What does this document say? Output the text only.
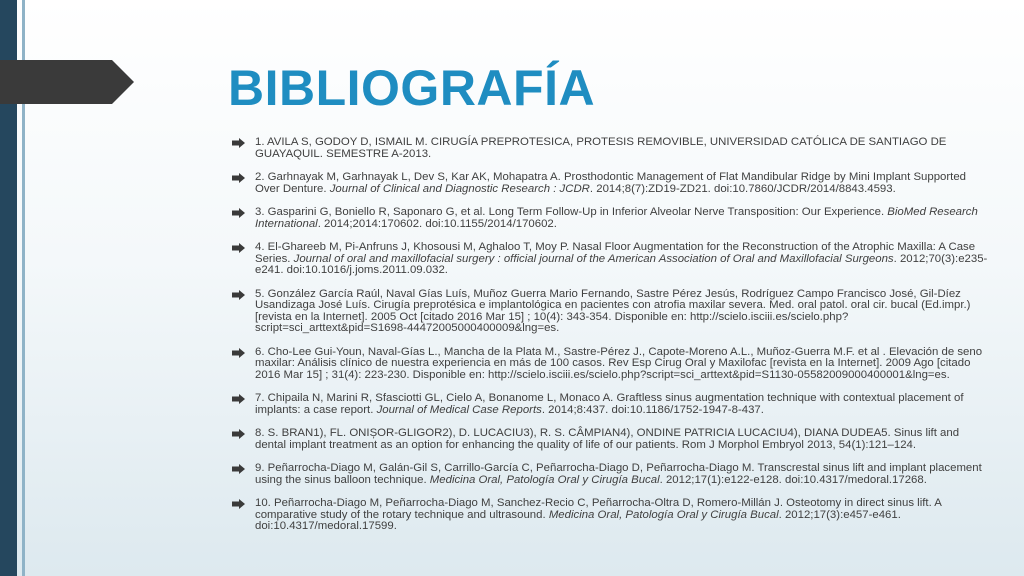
BIBLIOGRAFÍA
1. AVILA S, GODOY D, ISMAIL M. CIRUGÍA PREPROTESICA, PROTESIS REMOVIBLE, UNIVERSIDAD CATÓLICA DE SANTIAGO DE GUAYAQUIL. SEMESTRE A-2013.
2. Garhnayak M, Garhnayak L, Dev S, Kar AK, Mohapatra A. Prosthodontic Management of Flat Mandibular Ridge by Mini Implant Supported Over Denture. Journal of Clinical and Diagnostic Research : JCDR. 2014;8(7):ZD19-ZD21. doi:10.7860/JCDR/2014/8843.4593.
3. Gasparini G, Boniello R, Saponaro G, et al. Long Term Follow-Up in Inferior Alveolar Nerve Transposition: Our Experience. BioMed Research International. 2014;2014:170602. doi:10.1155/2014/170602.
4. El-Ghareeb M, Pi-Anfruns J, Khosousi M, Aghaloo T, Moy P. Nasal Floor Augmentation for the Reconstruction of the Atrophic Maxilla: A Case Series. Journal of oral and maxillofacial surgery : official journal of the American Association of Oral and Maxillofacial Surgeons. 2012;70(3):e235-e241. doi:10.1016/j.joms.2011.09.032.
5. González García Raúl, Naval Gías Luís, Muñoz Guerra Mario Fernando, Sastre Pérez Jesús, Rodríguez Campo Francisco José, Gil-Díez Usandizaga José Luís. Cirugía preprotésica e implantológica en pacientes con atrofia maxilar severa. Med. oral patol. oral cir. bucal (Ed.impr.) [revista en la Internet]. 2005 Oct [citado 2016 Mar 15] ; 10(4): 343-354. Disponible en: http://scielo.isciii.es/scielo.php?script=sci_arttext&pid=S1698-44472005000400009&lng=es.
6. Cho-Lee Gui-Youn, Naval-Gías L., Mancha de la Plata M., Sastre-Pérez J., Capote-Moreno A.L., Muñoz-Guerra M.F. et al . Elevación de seno maxilar: Análisis clínico de nuestra experiencia en más de 100 casos. Rev Esp Cirug Oral y Maxilofac [revista en la Internet]. 2009 Ago [citado 2016 Mar 15] ; 31(4): 223-230. Disponible en: http://scielo.isciii.es/scielo.php?script=sci_arttext&pid=S1130-05582009000400001&lng=es.
7. Chipaila N, Marini R, Sfasciotti GL, Cielo A, Bonanome L, Monaco A. Graftless sinus augmentation technique with contextual placement of implants: a case report. Journal of Medical Case Reports. 2014;8:437. doi:10.1186/1752-1947-8-437.
8. S. BRAN1), FL. ONIȘOR-GLIGOR2), D. LUCACIU3), R. S. CÂMPIAN4), ONDINE PATRICIA LUCACIU4), DIANA DUDEA5. Sinus lift and dental implant treatment as an option for enhancing the quality of life of our patients. Rom J Morphol Embryol 2013, 54(1):121–124.
9. Peñarrocha-Diago M, Galán-Gil S, Carrillo-García C, Peñarrocha-Diago D, Peñarrocha-Diago M. Transcrestal sinus lift and implant placement using the sinus balloon technique. Medicina Oral, Patología Oral y Cirugía Bucal. 2012;17(1):e122-e128. doi:10.4317/medoral.17268.
10. Peñarrocha-Diago M, Peñarrocha-Diago M, Sanchez-Recio C, Peñarrocha-Oltra D, Romero-Millán J. Osteotomy in direct sinus lift. A comparative study of the rotary technique and ultrasound. Medicina Oral, Patología Oral y Cirugía Bucal. 2012;17(3):e457-e461. doi:10.4317/medoral.17599.
